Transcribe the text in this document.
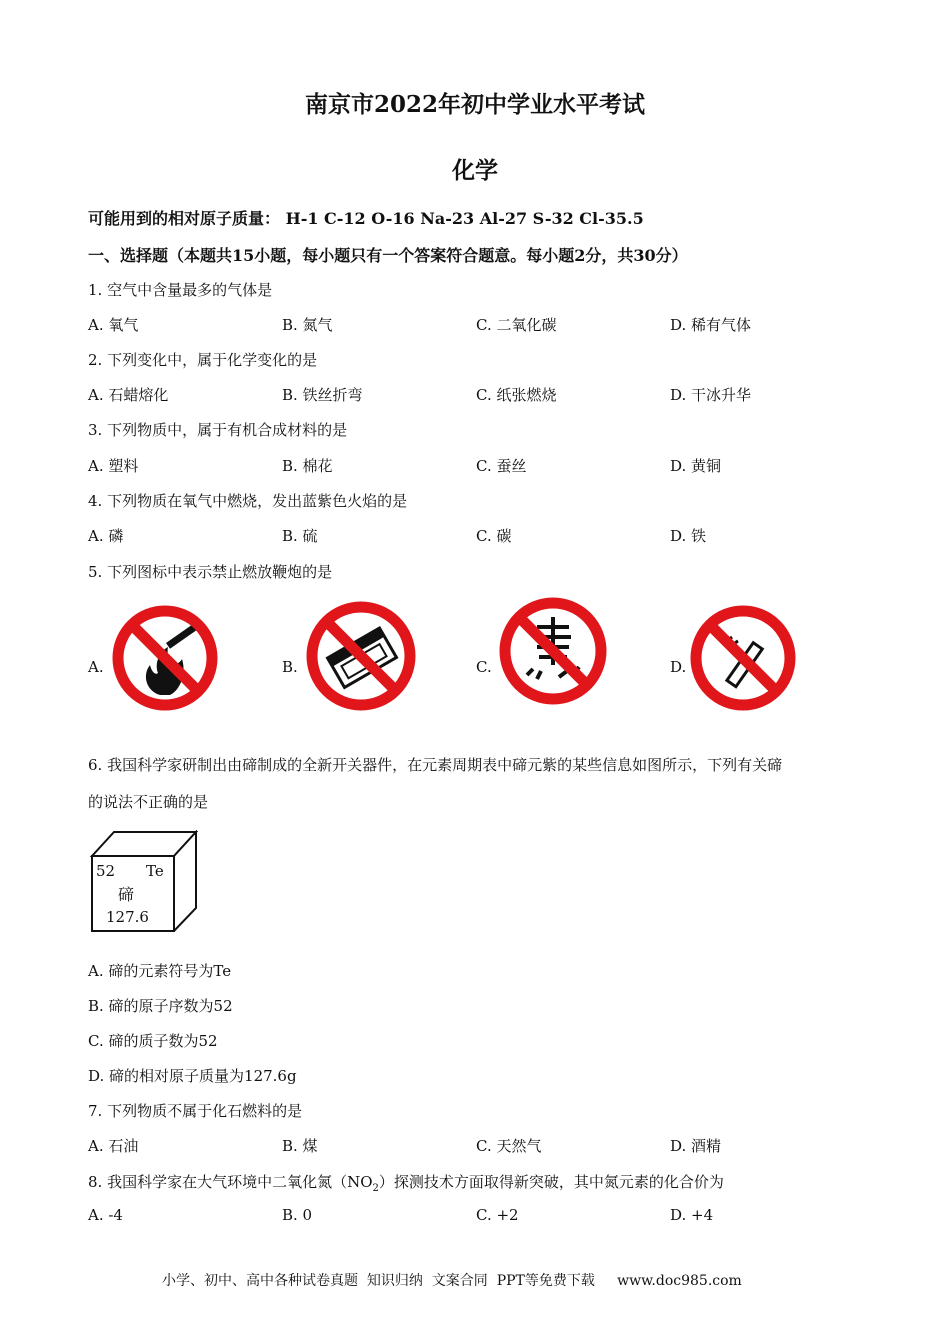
南京市2022年初中学业水平考试
化学
可能用到的相对原子质量： H-1 C-12 O-16 Na-23 Al-27 S-32 Cl-35.5
一、选择题（本题共15小题，每小题只有一个答案符合题意。每小题2分，共30分）
1. 空气中含量最多的气体是
A. 氧气	B. 氮气	C. 二氧化碳	D. 稀有气体
2. 下列变化中，属于化学变化的是
A. 石蜡熔化	B. 铁丝折弯	C. 纸张燃烧	D. 干冰升华
3. 下列物质中，属于有机合成材料的是
A. 塑料	B. 棉花	C. 蚕丝	D. 黄铜
4. 下列物质在氧气中燃烧，发出蓝紫色火焰的是
A. 磷	B. 硫	C. 碳	D. 铁
5. 下列图标中表示禁止燃放鞭炮的是
A.	B.	C.	D.
6. 我国科学家研制出由碲制成的全新开关器件，在元素周期表中碲元紫的某些信息如图所示，下列有关碲
的说法不正确的是
52 Te
碲
127.6
A. 碲的元素符号为Te
B. 碲的原子序数为52
C. 碲的质子数为52
D. 碲的相对原子质量为127.6g
7. 下列物质不属于化石燃料的是
A. 石油	B. 煤	C. 天然气	D. 酒精
8. 我国科学家在大气环境中二氧化氮$(NO_2)$探测技术方面取得新突破，其中氮元素的化合价为
A. -4	B. 0	C. +2	D. +4
小学、初中、高中各种试卷真题  知识归纳  文案合同  PPT等免费下载     www.doc985.com
